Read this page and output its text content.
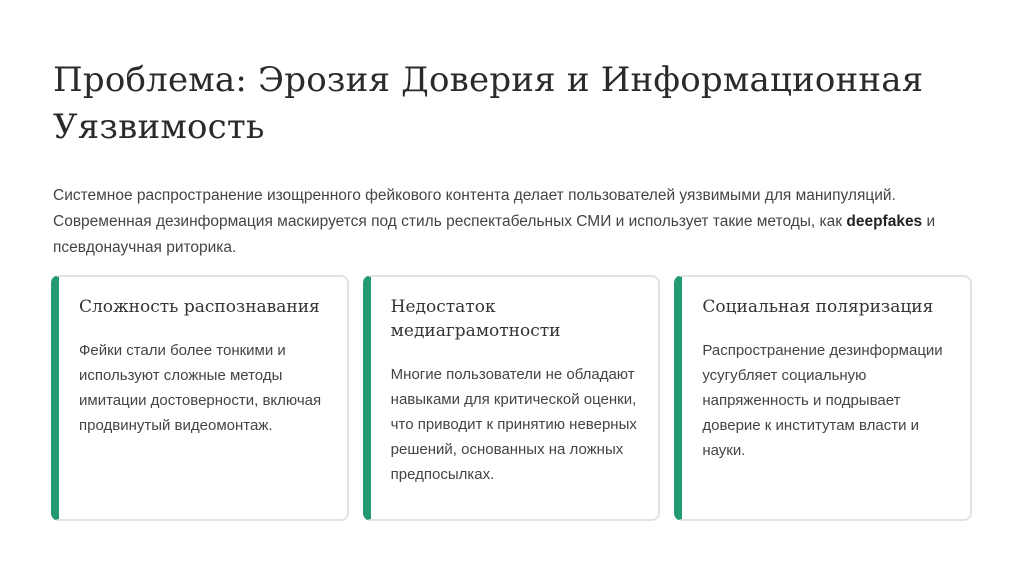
Проблема: Эрозия Доверия и Информационная Уязвимость

Системное распространение изощренного фейкового контента делает пользователей уязвимыми для манипуляций. Современная дезинформация маскируется под стиль респектабельных СМИ и использует такие методы, как deepfakes и псевдонаучная риторика.

Сложность распознавания

Фейки стали более тонкими и используют сложные методы имитации достоверности, включая продвинутый видеомонтаж.

Недостаток медиаграмотности

Многие пользователи не обладают навыками для критической оценки, что приводит к принятию неверных решений, основанных на ложных предпосылках.

Социальная поляризация

Распространение дезинформации усугубляет социальную напряженность и подрывает доверие к институтам власти и науки.
